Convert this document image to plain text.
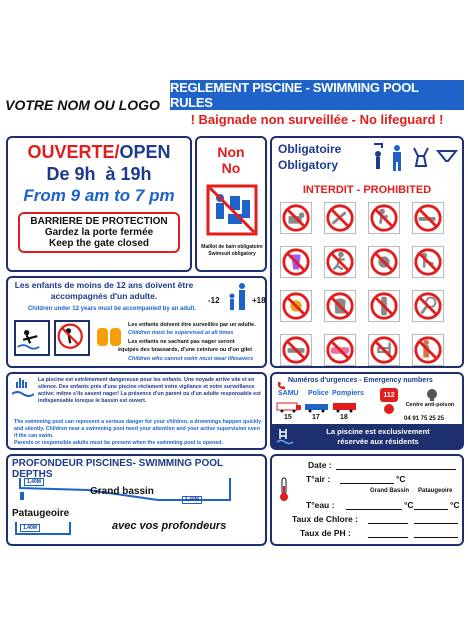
VOTRE NOM OU LOGO
REGLEMENT PISCINE - SWIMMING POOL RULES
! Baignade non surveillée - No lifeguard !
OUVERTE/OPEN
De 9h à 19h
From 9 am to 7 pm
BARRIERE DE PROTECTION
Gardez la porte fermée
Keep the gate closed
Non
No
Maillot de bain obligatoire
Swimsuit obligatory
Obligatoire
Obligatory
INTERDIT - PROHIBITED
Les enfants de moins de 12 ans doivent être accompagnés d'un adulte.
Children under 12 years must be accompanied by an adult.
-12	+18
Les enfants doivent être surveillés par un adulte.
Children must be supervised at all times
Les enfants ne sachant pas nager seront
équipés des brassards, d'une ceinture ou d'un gilet
Children who cannot swim must wear lifesavers
La piscine est extrêmement dangereuse pour les enfants. Une noyade arrive vite et en silence. Des enfants près d'une piscine réclament votre vigilance et votre surveillance active: même s'ils savent nager! La présence d'un parent ou d'un adulte responsable est indispensable lorsque le bassin est ouvert.
The swimming pool can represent a serious danger for your children, a drownings happen quickly and silently. Children near a swimming pool need your attention and your active supervision even if the can swim.
Parents or responsible adults must be present when the swimming pool is opened.
Numéros d'urgences - Emergency numbers
SAMU Police Pompiers
15	17	18
112
Centre anti-poison
04 91 75 25 25
La piscine est exclusivement
réservée aux résidents
PROFONDEUR PISCINES- SWIMMING POOL DEPTHS
1,40M
Grand bassin
1,40M
Pataugeoire
1,40M	avec vos profondeurs
Date :
T°air :	°C
Grand Bassin Pataugeoire
T°eau :	°C	°C
Taux de Chlore :
Taux de PH :
